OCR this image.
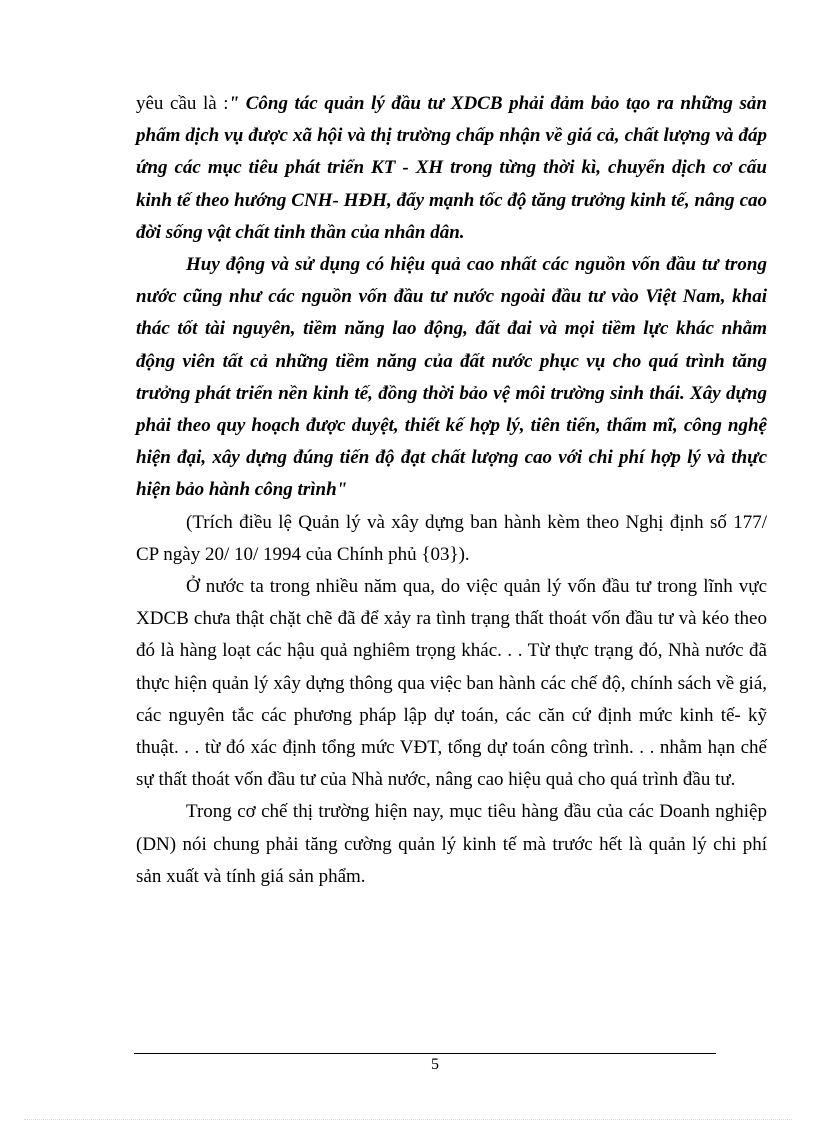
yêu cầu là :" Công tác quản lý đầu tư XDCB phải đảm bảo tạo ra những sản phẩm dịch vụ được xã hội và thị trường chấp nhận về giá cả, chất lượng và đáp ứng các mục tiêu phát triển KT - XH trong từng thời kì, chuyển dịch cơ cấu kinh tế theo hướng CNH- HĐH, đẩy mạnh tốc độ tăng trưởng kinh tế, nâng cao đời sống vật chất tinh thần của nhân dân.

Huy động và sử dụng có hiệu quả cao nhất các nguồn vốn đầu tư trong nước cũng như các nguồn vốn đầu tư nước ngoài đầu tư vào Việt Nam, khai thác tốt tài nguyên, tiềm năng lao động, đất đai và mọi tiềm lực khác nhằm động viên tất cả những tiềm năng của đất nước phục vụ cho quá trình tăng trưởng phát triển nền kinh tế, đồng thời bảo vệ môi trường sinh thái. Xây dựng phải theo quy hoạch được duyệt, thiết kế hợp lý, tiên tiến, thẩm mĩ, công nghệ hiện đại, xây dựng đúng tiến độ đạt chất lượng cao với chi phí hợp lý và thực hiện bảo hành công trình"

(Trích điều lệ Quản lý và xây dựng ban hành kèm theo Nghị định số 177/ CP ngày 20/ 10/ 1994 của Chính phủ {03}).

Ở nước ta trong nhiều năm qua, do việc quản lý vốn đầu tư trong lĩnh vực XDCB chưa thật chặt chẽ đã để xảy ra tình trạng thất thoát vốn đầu tư và kéo theo đó là hàng loạt các hậu quả nghiêm trọng khác. . . Từ thực trạng đó, Nhà nước đã thực hiện quản lý xây dựng thông qua việc ban hành các chế độ, chính sách về giá, các nguyên tắc các phương pháp lập dự toán, các căn cứ định mức kinh tế- kỹ thuật. . . từ đó xác định tổng mức VĐT, tổng dự toán công trình. . . nhằm hạn chế sự thất thoát vốn đầu tư của Nhà nước, nâng cao hiệu quả cho quá trình đầu tư.

Trong cơ chế thị trường hiện nay, mục tiêu hàng đầu của các Doanh nghiệp (DN) nói chung phải tăng cường quản lý kinh tế mà trước hết là quản lý chi phí sản xuất và tính giá sản phẩm.

5
